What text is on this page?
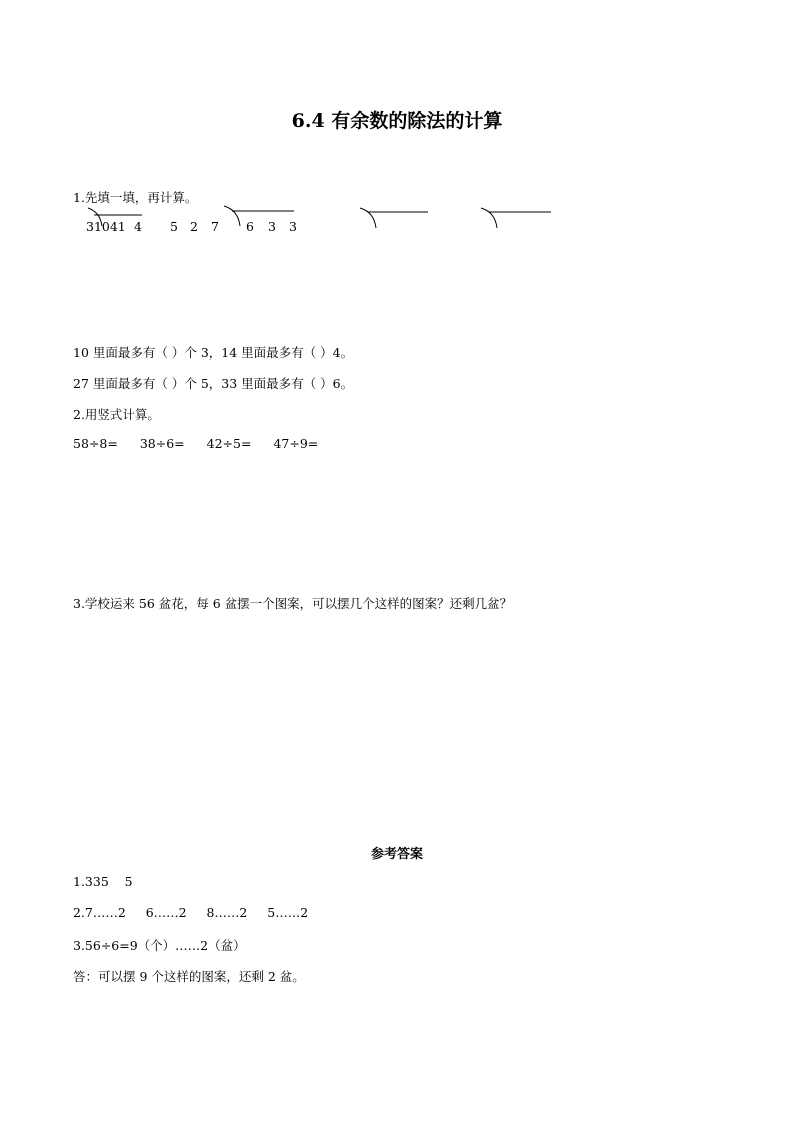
6.4 有余数的除法的计算
1.先填一填，再计算。
31041 4 5 2 7 6 3 3
10 里面最多有（ ）个 3，14 里面最多有（ ）4。
27 里面最多有（ ）个 5，33 里面最多有（ ）6。
2.用竖式计算。
58÷8= 38÷6= 42÷5= 47÷9=
3.学校运来 56 盆花，每 6 盆摆一个图案，可以摆几个这样的图案？还剩几盆？
参考答案
1.335    5
2.7……2     6……2     8……2     5……2
3.56÷6=9（个）……2（盆）
答：可以摆 9 个这样的图案，还剩 2 盆。
